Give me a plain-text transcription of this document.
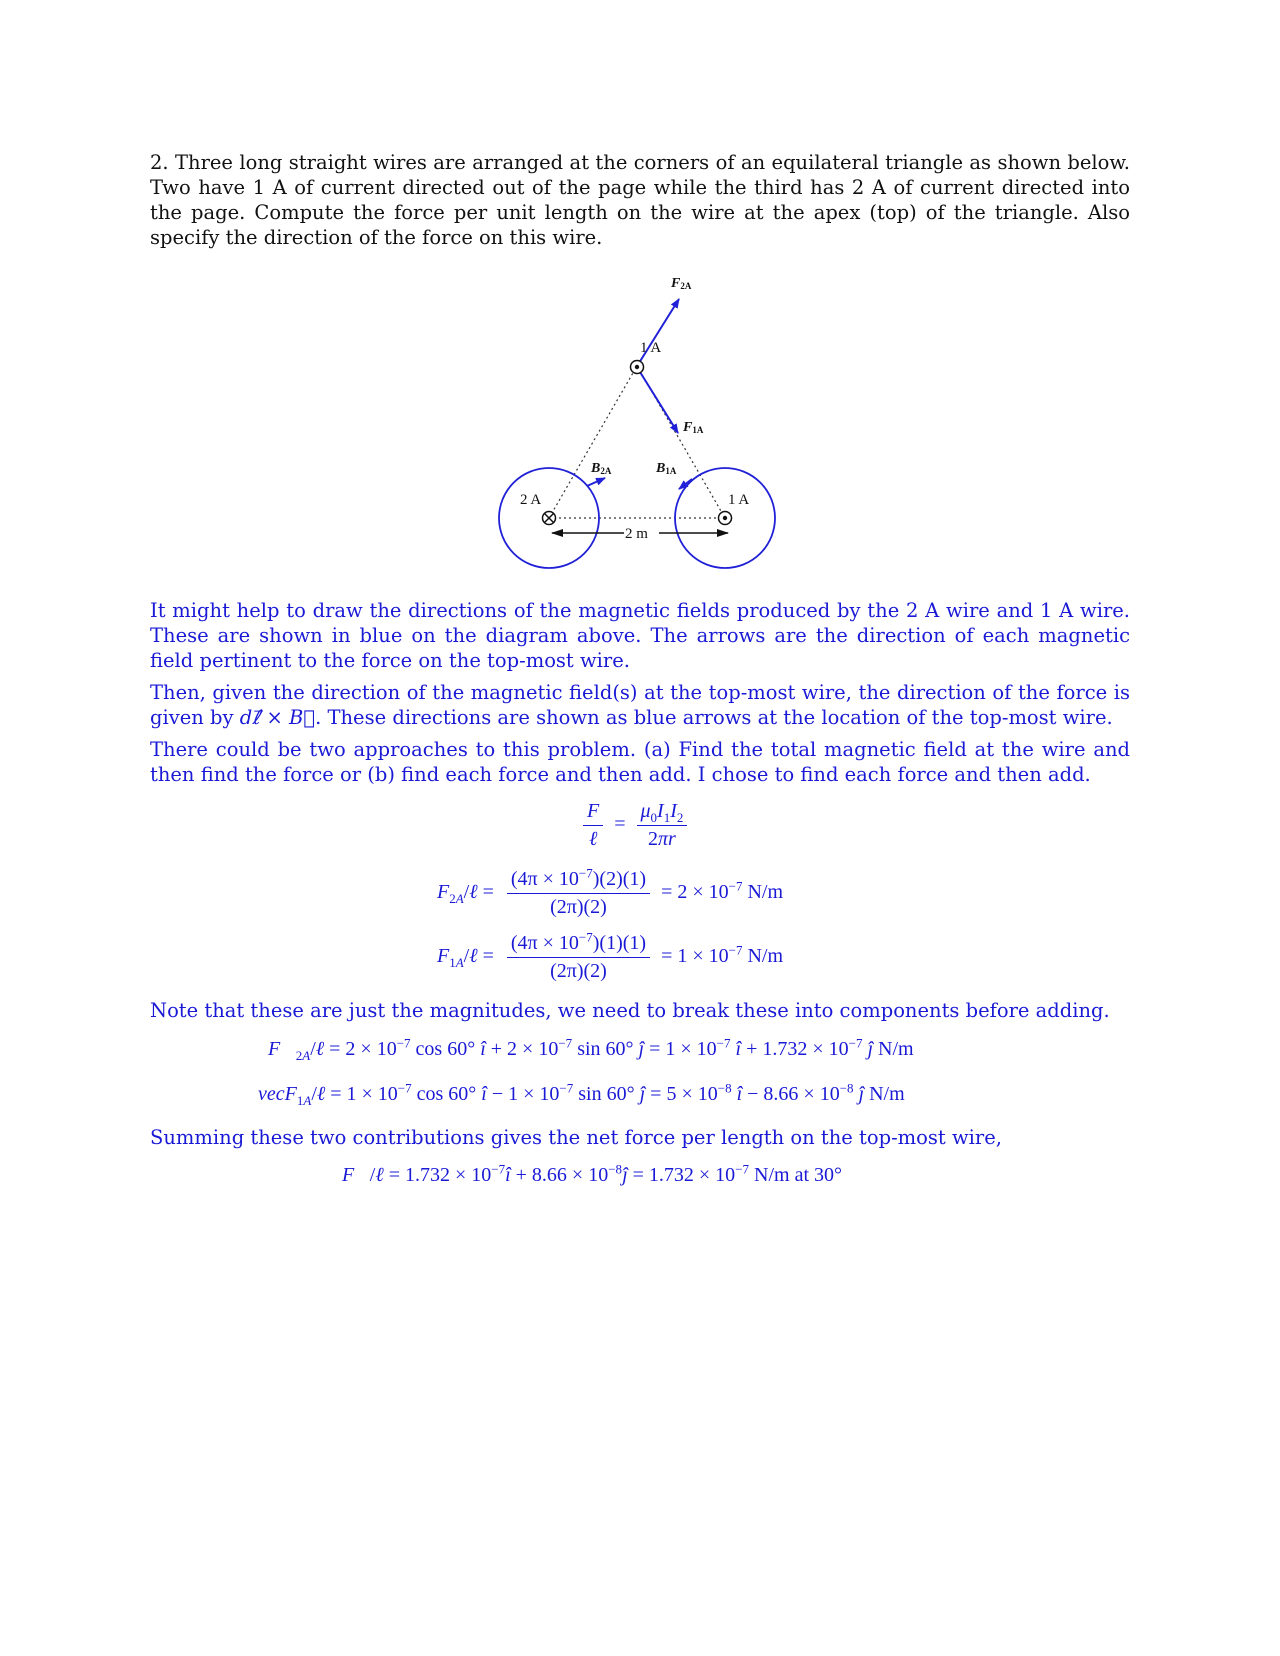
2. Three long straight wires are arranged at the corners of an equilateral triangle as shown below. Two have 1 A of current directed out of the page while the third has 2 A of current directed into the page. Compute the force per unit length on the wire at the apex (top) of the triangle. Also specify the direction of the force on this wire.

1 A
2 A	1 A
2 m
F2A
F1A
B2A	B1A

It might help to draw the directions of the magnetic fields produced by the 2 A wire and 1 A wire. These are shown in blue on the diagram above. The arrows are the direction of each magnetic field pertinent to the force on the top-most wire.

Then, given the direction of the magnetic field(s) at the top-most wire, the direction of the force is given by dℓ⃗ × B⃗. These directions are shown as blue arrows at the location of the top-most wire.

There could be two approaches to this problem. (a) Find the total magnetic field at the wire and then find the force or (b) find each force and then add. I chose to find each force and then add.

$\frac{F}{\text{ℓ}} = \frac{\mu_0I_1I_2}{2\pi r}$
$F_{2A}/\ell = \frac{(4\pi \times 10^{-7})(2)(1)}{(2\pi)(2)} = 2 \times 10^{-7}$ N/m
$F_{1A}/\ell = \frac{(4\pi \times 10^{-7})(1)(1)}{(2\pi)(2)} = 1 \times 10^{-7}$ N/m

Note that these are just the magnitudes, we need to break these into components before adding.

$F⃗_{2A}/\ell = 2 \times 10^{-7}$ cos 60° î + $2 \times 10^{-7}$ sin 60° ĵ = $1 \times 10^{-7}$ î + $1.732 \times 10^{-7}$ ĵ N/m
vecF$_{1A}$/ℓ = $1 \times 10^{-7}$ cos 60° î − $1 \times 10^{-7}$ sin 60° ĵ = $5 \times 10^{-8}$ î − $8.66 \times 10^{-8}$ ĵ N/m

Summing these two contributions gives the net force per length on the top-most wire,

F⃗/ℓ = $1.732 \times 10^{-7}î + 8.66$ × $10^{-8}ĵ = 1.732 \times 10^{-7}$ N/m at 30°
